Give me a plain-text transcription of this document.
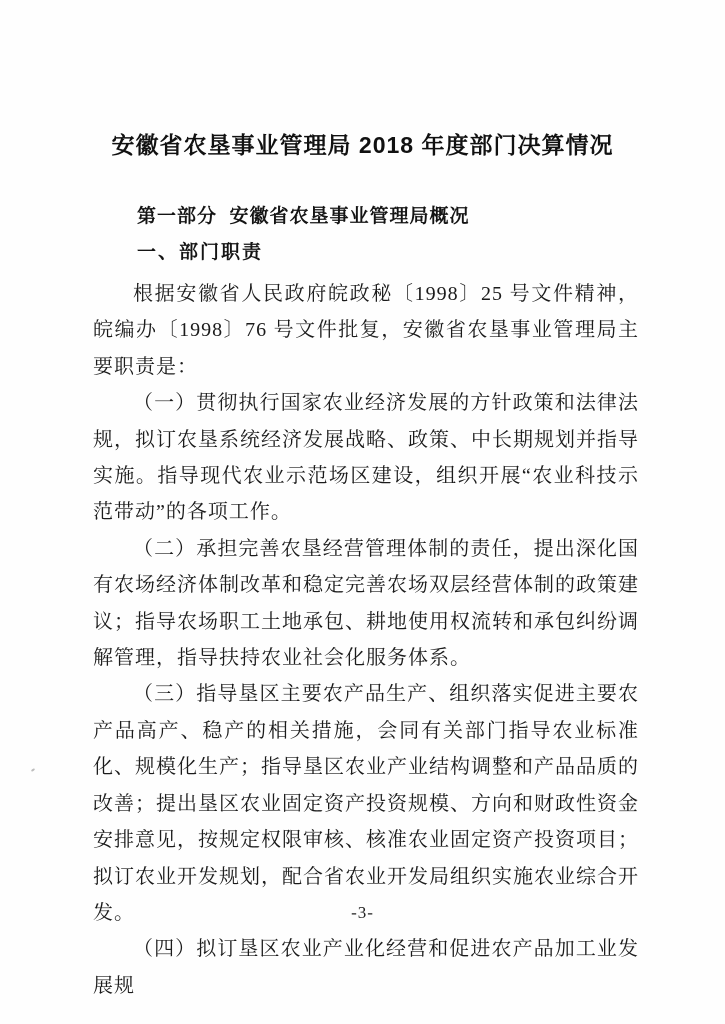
安徽省农垦事业管理局 2018 年度部门决算情况
第一部分  安徽省农垦事业管理局概况
一、部门职责

根据安徽省人民政府皖政秘〔1998〕25 号文件精神，皖编办〔1998〕76 号文件批复，安徽省农垦事业管理局主要职责是：

（一）贯彻执行国家农业经济发展的方针政策和法律法规，拟订农垦系统经济发展战略、政策、中长期规划并指导实施。指导现代农业示范场区建设，组织开展“农业科技示范带动”的各项工作。

（二）承担完善农垦经营管理体制的责任，提出深化国有农场经济体制改革和稳定完善农场双层经营体制的政策建议；指导农场职工土地承包、耕地使用权流转和承包纠纷调解管理，指导扶持农业社会化服务体系。

（三）指导垦区主要农产品生产、组织落实促进主要农产品高产、稳产的相关措施，会同有关部门指导农业标准化、规模化生产；指导垦区农业产业结构调整和产品品质的改善；提出垦区农业固定资产投资规模、方向和财政性资金安排意见，按规定权限审核、核准农业固定资产投资项目；拟订农业开发规划，配合省农业开发局组织实施农业综合开发。

（四）拟订垦区农业产业化经营和促进农产品加工业发展规

-3-
